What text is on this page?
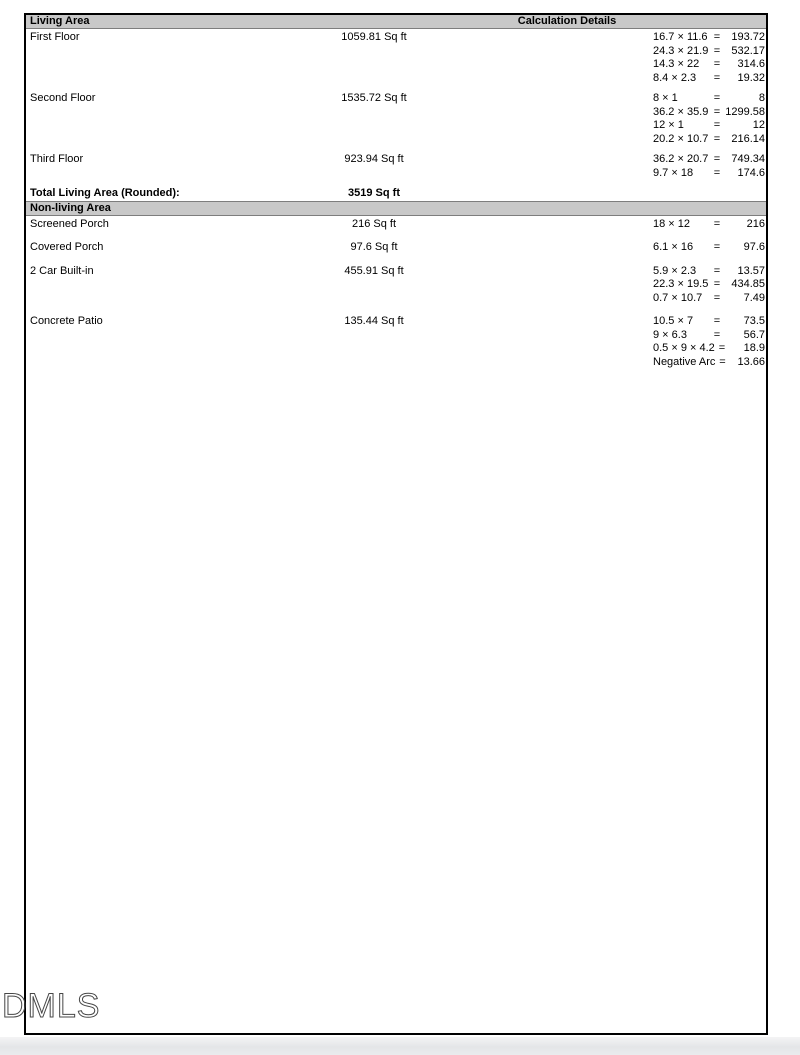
Living Area	Calculation Details
First Floor	1059.81 Sq ft	16.7 × 11.6 =	193.72
24.3 × 21.9 =	532.17
14.3 × 22	=	314.6
8.4 × 2.3	=	19.32
Second Floor	1535.72 Sq ft	8 × 1	=	8
36.2 × 35.9 = 1299.58
12 × 1	=	12
20.2 × 10.7 =	216.14
Third Floor	923.94 Sq ft	36.2 × 20.7 =	749.34
9.7 × 18	=	174.6
Total Living Area (Rounded):	3519 Sq ft
Non-living Area
Screened Porch	216 Sq ft	18 × 12	=	216
Covered Porch	97.6 Sq ft	6.1 × 16	=	97.6
2 Car Built-in	455.91 Sq ft	5.9 × 2.3	=	13.57
22.3 × 19.5 =	434.85
0.7 × 10.7	=	7.49
Concrete Patio	135.44 Sq ft	10.5 × 7	=	73.5
9 × 6.3	=	56.7
0.5 × 9 × 4.2 =	18.9
Negative Arc =	13.66
DMLS
